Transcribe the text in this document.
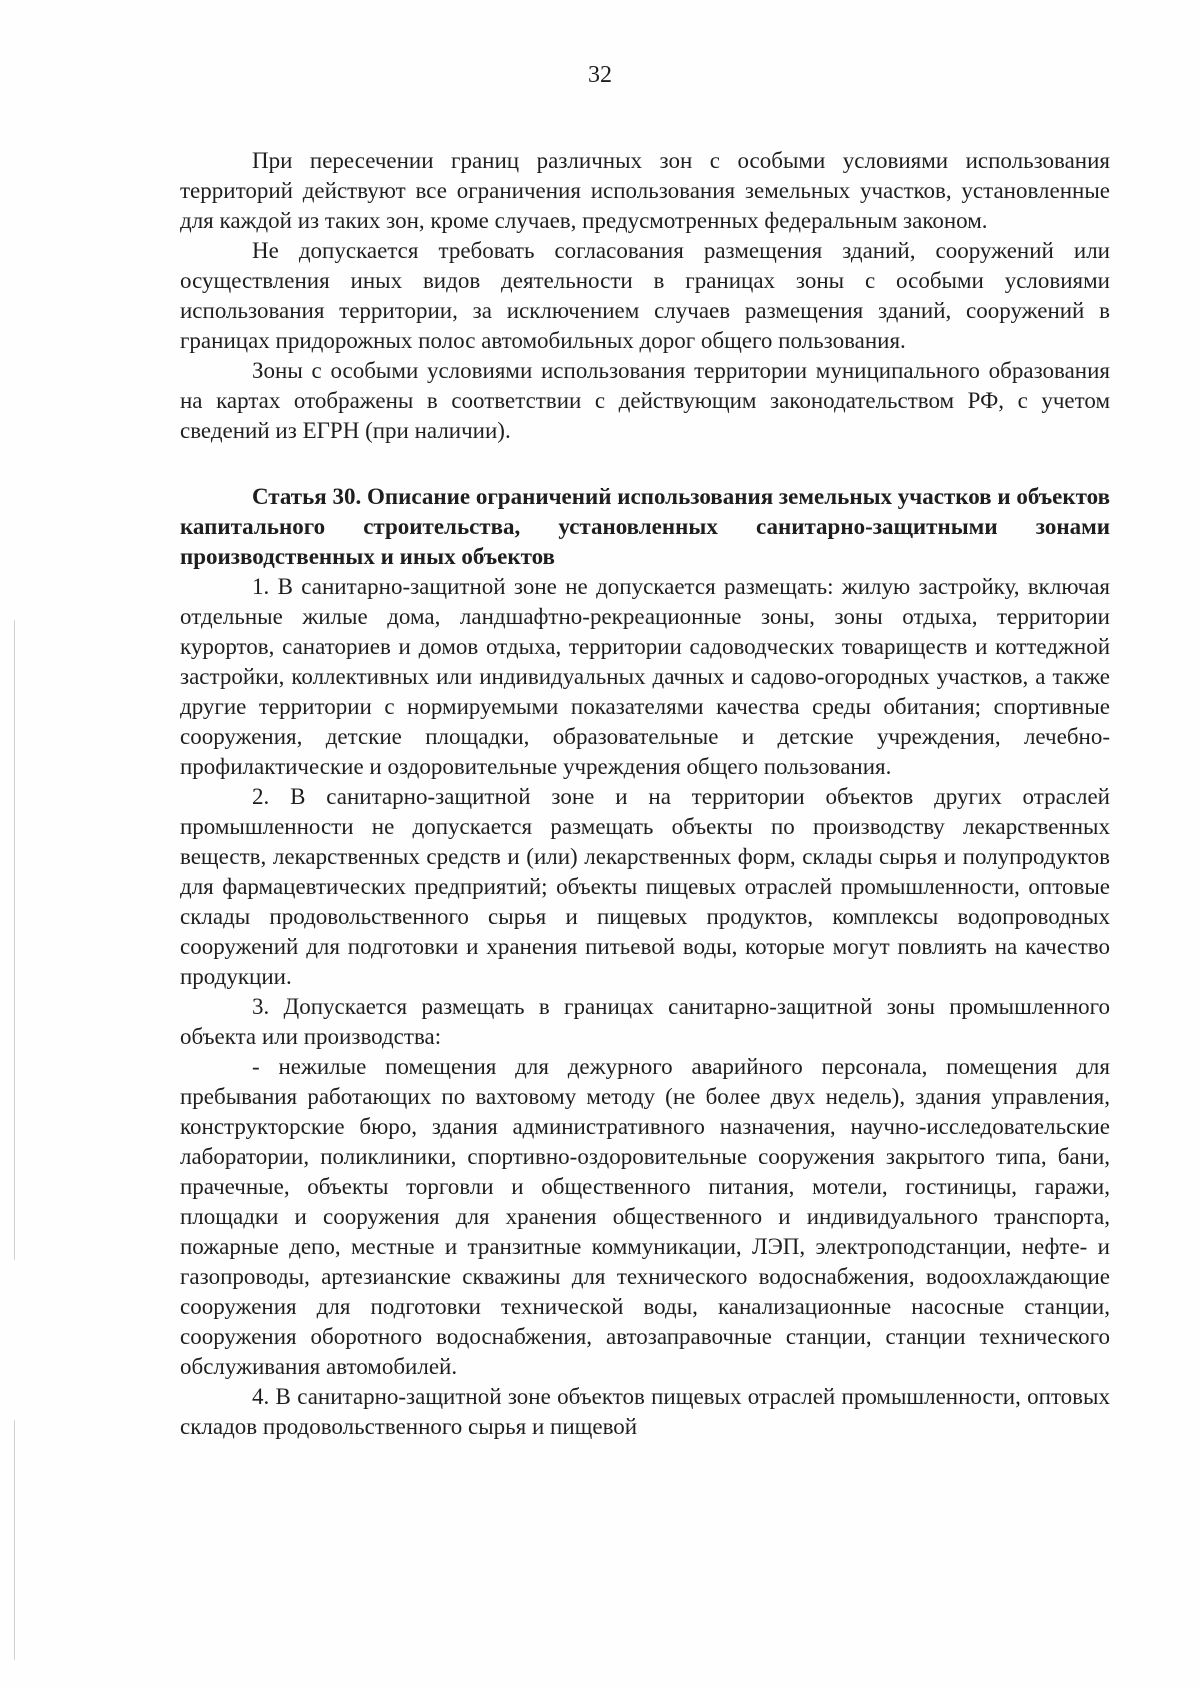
32

При пересечении границ различных зон с особыми условиями использования территорий действуют все ограничения использования земельных участков, установленные для каждой из таких зон, кроме случаев, предусмотренных федеральным законом.

Не допускается требовать согласования размещения зданий, сооружений или осуществления иных видов деятельности в границах зоны с особыми условиями использования территории, за исключением случаев размещения зданий, сооружений в границах придорожных полос автомобильных дорог общего пользования.

Зоны с особыми условиями использования территории муниципального образования на картах отображены в соответствии с действующим законодательством РФ, с учетом сведений из ЕГРН (при наличии).

Статья 30. Описание ограничений использования земельных участков и объектов капитального строительства, установленных санитарно-защитными зонами производственных и иных объектов

1. В санитарно-защитной зоне не допускается размещать: жилую застройку, включая отдельные жилые дома, ландшафтно-рекреационные зоны, зоны отдыха, территории курортов, санаториев и домов отдыха, территории садоводческих товариществ и коттеджной застройки, коллективных или индивидуальных дачных и садово-огородных участков, а также другие территории с нормируемыми показателями качества среды обитания; спортивные сооружения, детские площадки, образовательные и детские учреждения, лечебно-профилактические и оздоровительные учреждения общего пользования.

2. В санитарно-защитной зоне и на территории объектов других отраслей промышленности не допускается размещать объекты по производству лекарственных веществ, лекарственных средств и (или) лекарственных форм, склады сырья и полупродуктов для фармацевтических предприятий; объекты пищевых отраслей промышленности, оптовые склады продовольственного сырья и пищевых продуктов, комплексы водопроводных сооружений для подготовки и хранения питьевой воды, которые могут повлиять на качество продукции.

3. Допускается размещать в границах санитарно-защитной зоны промышленного объекта или производства:

- нежилые помещения для дежурного аварийного персонала, помещения для пребывания работающих по вахтовому методу (не более двух недель), здания управления, конструкторские бюро, здания административного назначения, научно-исследовательские лаборатории, поликлиники, спортивно-оздоровительные сооружения закрытого типа, бани, прачечные, объекты торговли и общественного питания, мотели, гостиницы, гаражи, площадки и сооружения для хранения общественного и индивидуального транспорта, пожарные депо, местные и транзитные коммуникации, ЛЭП, электроподстанции, нефте- и газопроводы, артезианские скважины для технического водоснабжения, водоохлаждающие сооружения для подготовки технической воды, канализационные насосные станции, сооружения оборотного водоснабжения, автозаправочные станции, станции технического обслуживания автомобилей.

4. В санитарно-защитной зоне объектов пищевых отраслей промышленности, оптовых складов продовольственного сырья и пищевой
